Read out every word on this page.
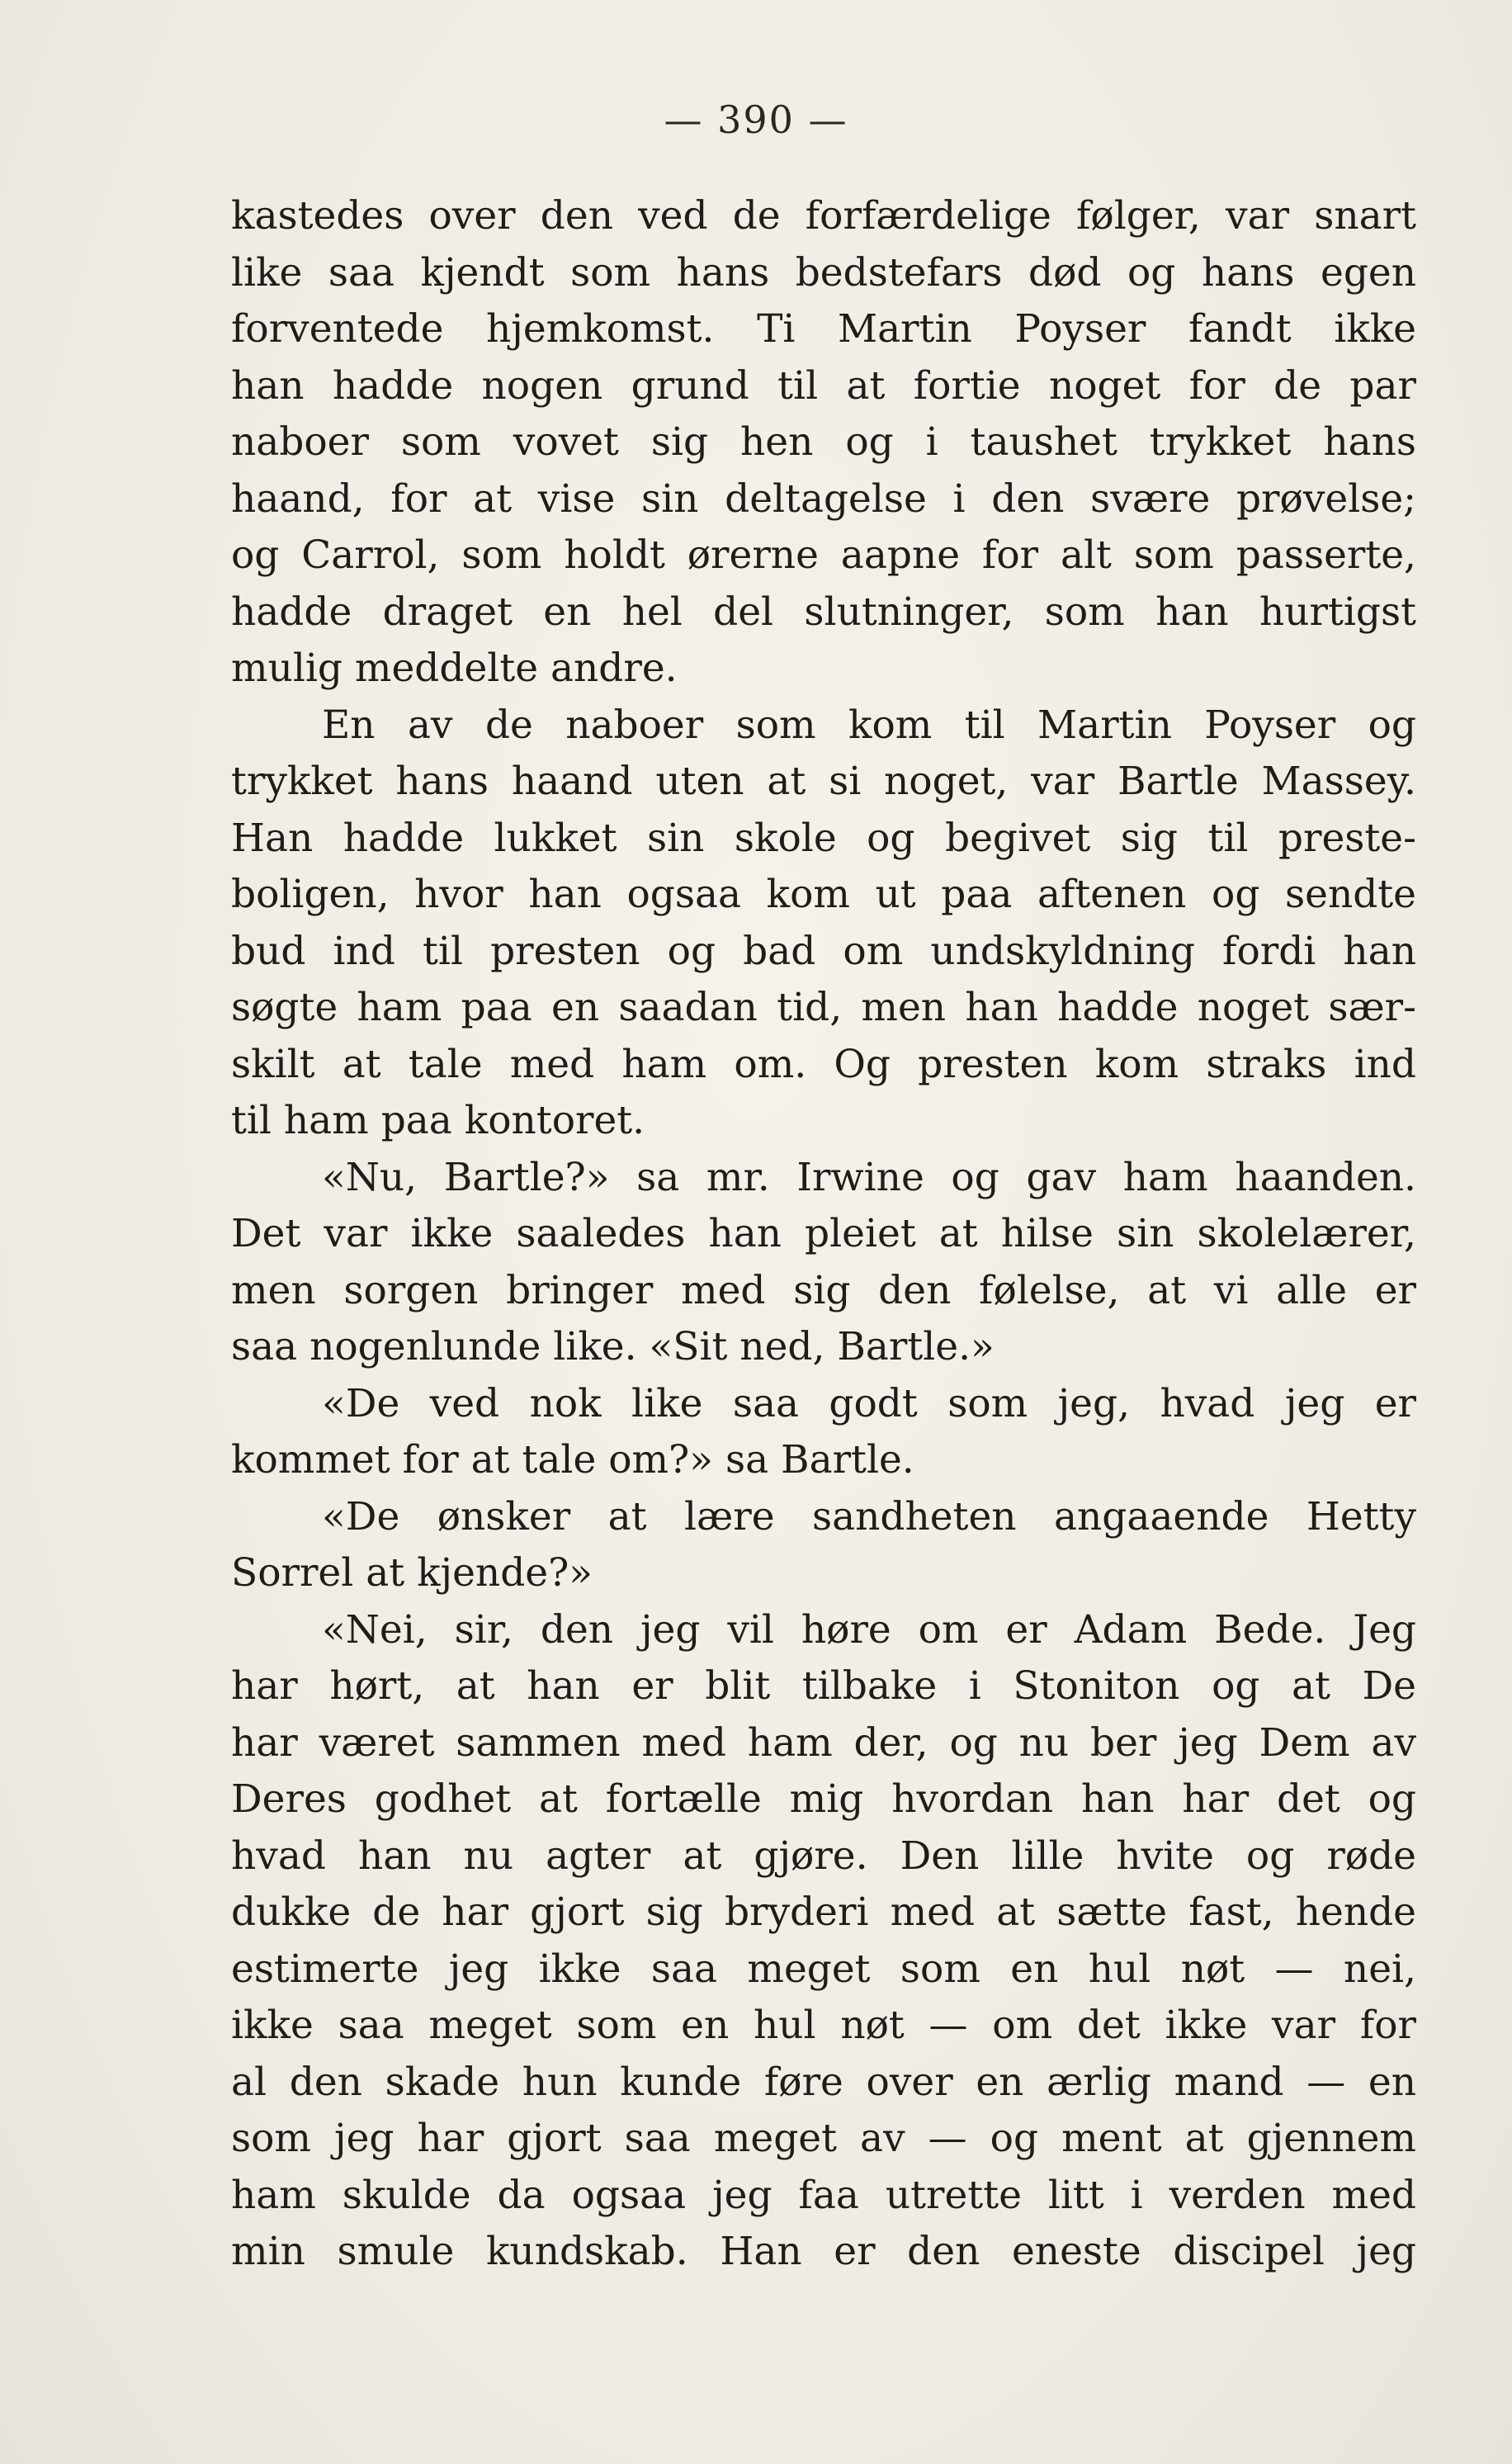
— 390 —
kastedes over den ved de forfærdelige følger, var snart
like saa kjendt som hans bedstefars død og hans egen
forventede hjemkomst. Ti Martin Poyser fandt ikke
han hadde nogen grund til at fortie noget for de par
naboer som vovet sig hen og i taushet trykket hans
haand, for at vise sin deltagelse i den svære prøvelse;
og Carrol, som holdt ørerne aapne for alt som passerte,
hadde draget en hel del slutninger, som han hurtigst
mulig meddelte andre.
En av de naboer som kom til Martin Poyser og
trykket hans haand uten at si noget, var Bartle Massey.
Han hadde lukket sin skole og begivet sig til preste-
boligen, hvor han ogsaa kom ut paa aftenen og sendte
bud ind til presten og bad om undskyldning fordi han
søgte ham paa en saadan tid, men han hadde noget sær-
skilt at tale med ham om. Og presten kom straks ind
til ham paa kontoret.
«Nu, Bartle?» sa mr. Irwine og gav ham haanden.
Det var ikke saaledes han pleiet at hilse sin skolelærer,
men sorgen bringer med sig den følelse, at vi alle er
saa nogenlunde like. «Sit ned, Bartle.»
«De ved nok like saa godt som jeg, hvad jeg er
kommet for at tale om?» sa Bartle.
«De ønsker at lære sandheten angaaende Hetty
Sorrel at kjende?»
«Nei, sir, den jeg vil høre om er Adam Bede. Jeg
har hørt, at han er blit tilbake i Stoniton og at De
har været sammen med ham der, og nu ber jeg Dem av
Deres godhet at fortælle mig hvordan han har det og
hvad han nu agter at gjøre. Den lille hvite og røde
dukke de har gjort sig bryderi med at sætte fast, hende
estimerte jeg ikke saa meget som en hul nøt — nei,
ikke saa meget som en hul nøt — om det ikke var for
al den skade hun kunde føre over en ærlig mand — en
som jeg har gjort saa meget av — og ment at gjennem
ham skulde da ogsaa jeg faa utrette litt i verden med
min smule kundskab. Han er den eneste discipel jeg
